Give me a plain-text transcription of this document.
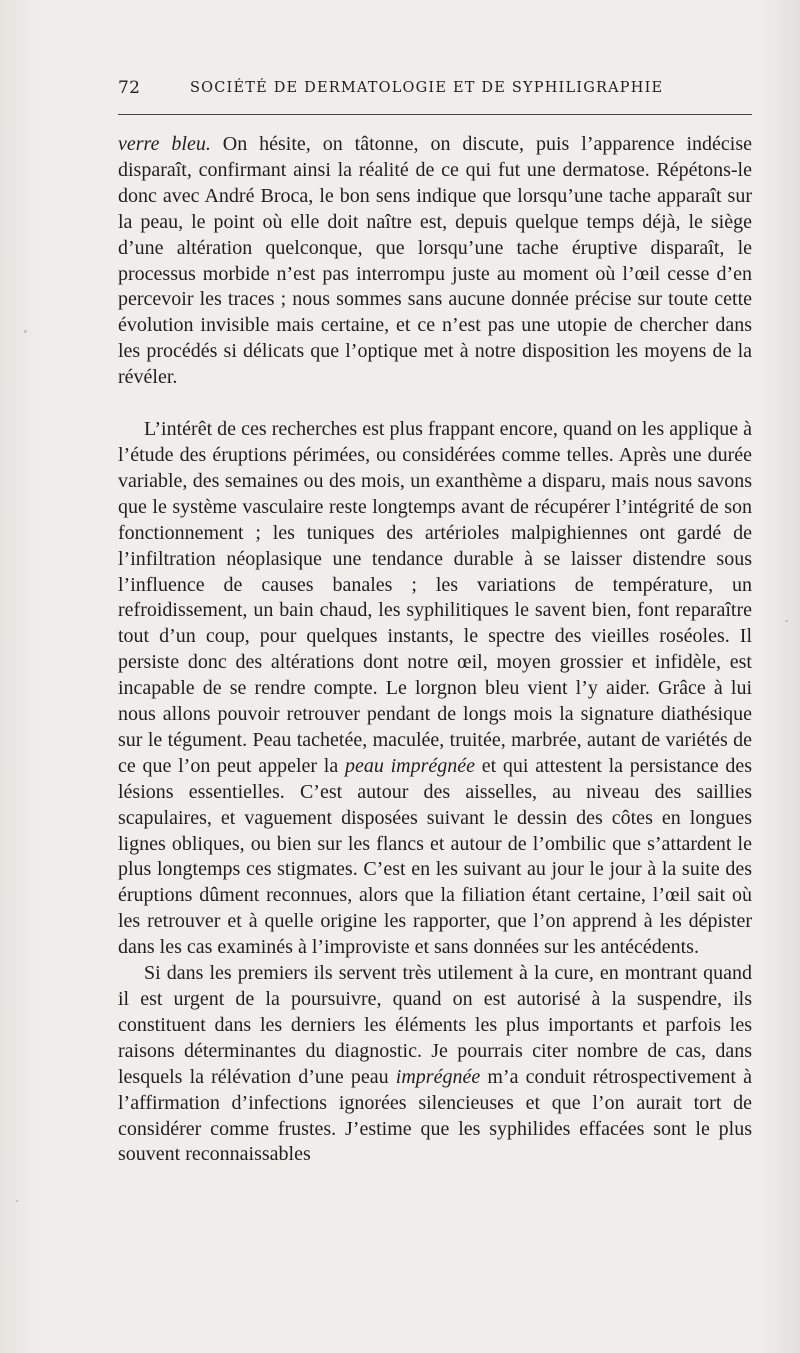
72	SOCIÉTÉ DE DERMATOLOGIE ET DE SYPHILIGRAPHIE

verre bleu. On hésite, on tâtonne, on discute, puis l’apparence indécise disparaît, confirmant ainsi la réalité de ce qui fut une dermatose. Répétons-le donc avec André Broca, le bon sens indique que lorsqu’une tache apparaît sur la peau, le point où elle doit naître est, depuis quelque temps déjà, le siège d’une altération quelconque, que lorsqu’une tache éruptive disparaît, le processus morbide n’est pas interrompu juste au moment où l’œil cesse d’en percevoir les traces ; nous sommes sans aucune donnée précise sur toute cette évolution invisible mais certaine, et ce n’est pas une utopie de chercher dans les procédés si délicats que l’optique met à notre disposition les moyens de la révéler.

L’intérêt de ces recherches est plus frappant encore, quand on les applique à l’étude des éruptions périmées, ou considérées comme telles. Après une durée variable, des semaines ou des mois, un exanthème a disparu, mais nous savons que le système vasculaire reste longtemps avant de récupérer l’intégrité de son fonctionnement ; les tuniques des artérioles malpighiennes ont gardé de l’infiltration néoplasique une tendance durable à se laisser distendre sous l’influence de causes banales ; les variations de température, un refroidissement, un bain chaud, les syphilitiques le savent bien, font reparaître tout d’un coup, pour quelques instants, le spectre des vieilles roséoles. Il persiste donc des altérations dont notre œil, moyen grossier et infidèle, est incapable de se rendre compte. Le lorgnon bleu vient l’y aider. Grâce à lui nous allons pouvoir retrouver pendant de longs mois la signature diathésique sur le tégument. Peau tachetée, maculée, truitée, marbrée, autant de variétés de ce que l’on peut appeler la peau imprégnée et qui attestent la persistance des lésions essentielles. C’est autour des aisselles, au niveau des saillies scapulaires, et vaguement disposées suivant le dessin des côtes en longues lignes obliques, ou bien sur les flancs et autour de l’ombilic que s’attardent le plus longtemps ces stigmates. C’est en les suivant au jour le jour à la suite des éruptions dûment reconnues, alors que la filiation étant certaine, l’œil sait où les retrouver et à quelle origine les rapporter, que l’on apprend à les dépister dans les cas examinés à l’improviste et sans données sur les antécédents.

Si dans les premiers ils servent très utilement à la cure, en montrant quand il est urgent de la poursuivre, quand on est autorisé à la suspendre, ils constituent dans les derniers les éléments les plus importants et parfois les raisons déterminantes du diagnostic. Je pourrais citer nombre de cas, dans lesquels la rélévation d’une peau imprégnée m’a conduit rétrospectivement à l’affirmation d’infections ignorées silencieuses et que l’on aurait tort de considérer comme frustes. J’estime que les syphilides effacées sont le plus souvent reconnaissables
